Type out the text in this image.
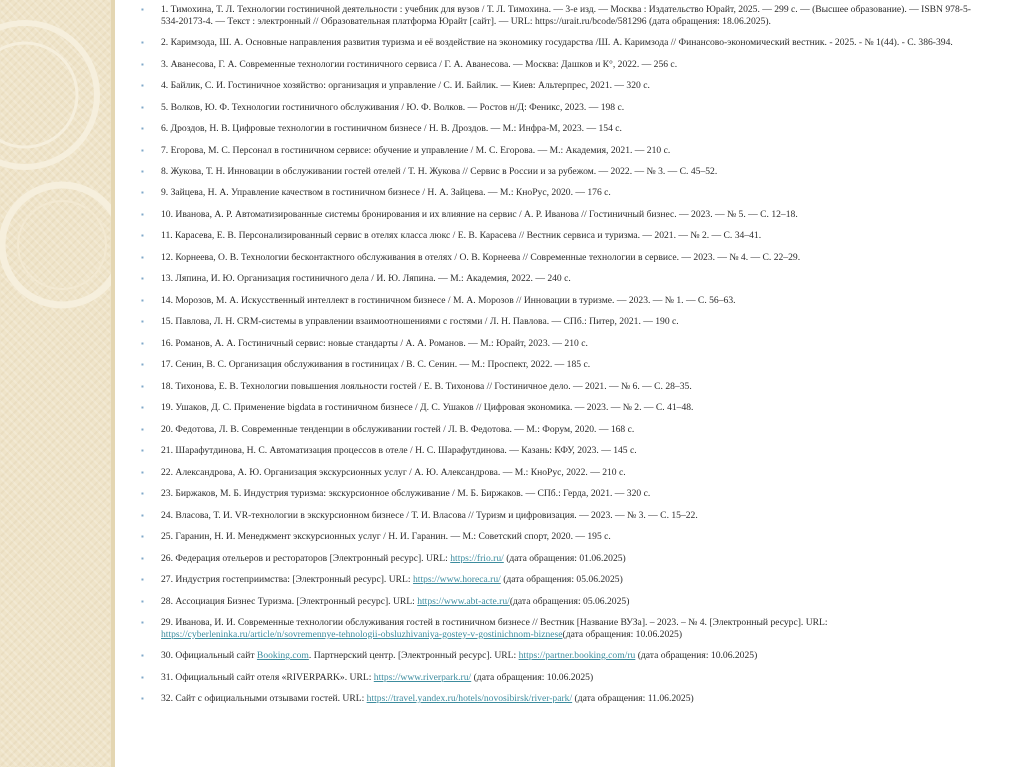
▪ 1. Тимохина, Т. Л. Технологии гостиничной деятельности : учебник для вузов / Т. Л. Тимохина. — 3-е изд. — Москва : Издательство Юрайт, 2025. — 299 с. — (Высшее образование). — ISBN 978-5-534-20173-4. — Текст : электронный // Образовательная платформа Юрайт [сайт]. — URL: https://urait.ru/bcode/581296 (дата обращения: 18.06.2025).
▪ 2. Каримзода, Ш. А. Основные направления развития туризма и её воздействие на экономику государства /Ш. А. Каримзода // Финансово-экономический вестник. - 2025. - № 1(44). - С. 386-394.
▪ 3. Аванесова, Г. А. Современные технологии гостиничного сервиса / Г. А. Аванесова. — Москва: Дашков и К°, 2022. — 256 с.
▪ 4. Байлик, С. И. Гостиничное хозяйство: организация и управление / С. И. Байлик. — Киев: Альтерпрес, 2021. — 320 с.
▪ 5. Волков, Ю. Ф. Технологии гостиничного обслуживания / Ю. Ф. Волков. — Ростов н/Д: Феникс, 2023. — 198 с.
▪ 6. Дроздов, Н. В. Цифровые технологии в гостиничном бизнесе / Н. В. Дроздов. — М.: Инфра-М, 2023. — 154 с.
▪ 7. Егорова, М. С. Персонал в гостиничном сервисе: обучение и управление / М. С. Егорова. — М.: Академия, 2021. — 210 с.
▪ 8. Жукова, Т. Н. Инновации в обслуживании гостей отелей / Т. Н. Жукова // Сервис в России и за рубежом. — 2022. — № 3. — С. 45–52.
▪ 9. Зайцева, Н. А. Управление качеством в гостиничном бизнесе / Н. А. Зайцева. — М.: КноРус, 2020. — 176 с.
▪ 10. Иванова, А. Р. Автоматизированные системы бронирования и их влияние на сервис / А. Р. Иванова // Гостиничный бизнес. — 2023. — № 5. — С. 12–18.
▪ 11. Карасева, Е. В. Персонализированный сервис в отелях класса люкс / Е. В. Карасева // Вестник сервиса и туризма. — 2021. — № 2. — С. 34–41.
▪ 12. Корнеева, О. В. Технологии бесконтактного обслуживания в отелях / О. В. Корнеева // Современные технологии в сервисе. — 2023. — № 4. — С. 22–29.
▪ 13. Ляпина, И. Ю. Организация гостиничного дела / И. Ю. Ляпина. — М.: Академия, 2022. — 240 с.
▪ 14. Морозов, М. А. Искусственный интеллект в гостиничном бизнесе / М. А. Морозов // Инновации в туризме. — 2023. — № 1. — С. 56–63.
▪ 15. Павлова, Л. Н. CRM-системы в управлении взаимоотношениями с гостями / Л. Н. Павлова. — СПб.: Питер, 2021. — 190 с.
▪ 16. Романов, А. А. Гостиничный сервис: новые стандарты / А. А. Романов. — М.: Юрайт, 2023. — 210 с.
▪ 17. Сенин, В. С. Организация обслуживания в гостиницах / В. С. Сенин. — М.: Проспект, 2022. — 185 с.
▪ 18. Тихонова, Е. В. Технологии повышения лояльности гостей / Е. В. Тихонова // Гостиничное дело. — 2021. — № 6. — С. 28–35.
▪ 19. Ушаков, Д. С. Применение bigdata в гостиничном бизнесе / Д. С. Ушаков // Цифровая экономика. — 2023. — № 2. — С. 41–48.
▪ 20. Федотова, Л. В. Современные тенденции в обслуживании гостей / Л. В. Федотова. — М.: Форум, 2020. — 168 с.
▪ 21. Шарафутдинова, Н. С. Автоматизация процессов в отеле / Н. С. Шарафутдинова. — Казань: КФУ, 2023. — 145 с.
▪ 22. Александрова, А. Ю. Организация экскурсионных услуг / А. Ю. Александрова. — М.: КноРус, 2022. — 210 с.
▪ 23. Биржаков, М. Б. Индустрия туризма: экскурсионное обслуживание / М. Б. Биржаков. — СПб.: Герда, 2021. — 320 с.
▪ 24. Власова, Т. И. VR-технологии в экскурсионном бизнесе / Т. И. Власова // Туризм и цифровизация. — 2023. — № 3. — С. 15–22.
▪ 25. Гаранин, Н. И. Менеджмент экскурсионных услуг / Н. И. Гаранин. — М.: Советский спорт, 2020. — 195 с.
▪ 26. Федерация отельеров и рестораторов [Электронный ресурс]. URL: https://frio.ru/ (дата обращения: 01.06.2025)
▪ 27. Индустрия гостеприимства: [Электронный ресурс]. URL: https://www.horeca.ru/ (дата обращения: 05.06.2025)
▪ 28. Ассоциация Бизнес Туризма. [Электронный ресурс]. URL: https://www.abt-acte.ru/(дата обращения: 05.06.2025)
▪ 29. Иванова, И. И. Современные технологии обслуживания гостей в гостиничном бизнесе // Вестник [Название ВУЗа]. – 2023. – № 4. [Электронный ресурс]. URL: https://cyberleninka.ru/article/n/sovremennye-tehnologii-obsluzhivaniya-gostey-v-gostinichnom-biznese(дата обращения: 10.06.2025)
▪ 30. Официальный сайт Booking.com. Партнерский центр. [Электронный ресурс]. URL: https://partner.booking.com/ru (дата обращения: 10.06.2025)
▪ 31. Официальный сайт отеля «RIVERPARK». URL: https://www.riverpark.ru/ (дата обращения: 10.06.2025)
▪ 32. Сайт с официальными отзывами гостей. URL: https://travel.yandex.ru/hotels/novosibirsk/river-park/ (дата обращения: 11.06.2025)
